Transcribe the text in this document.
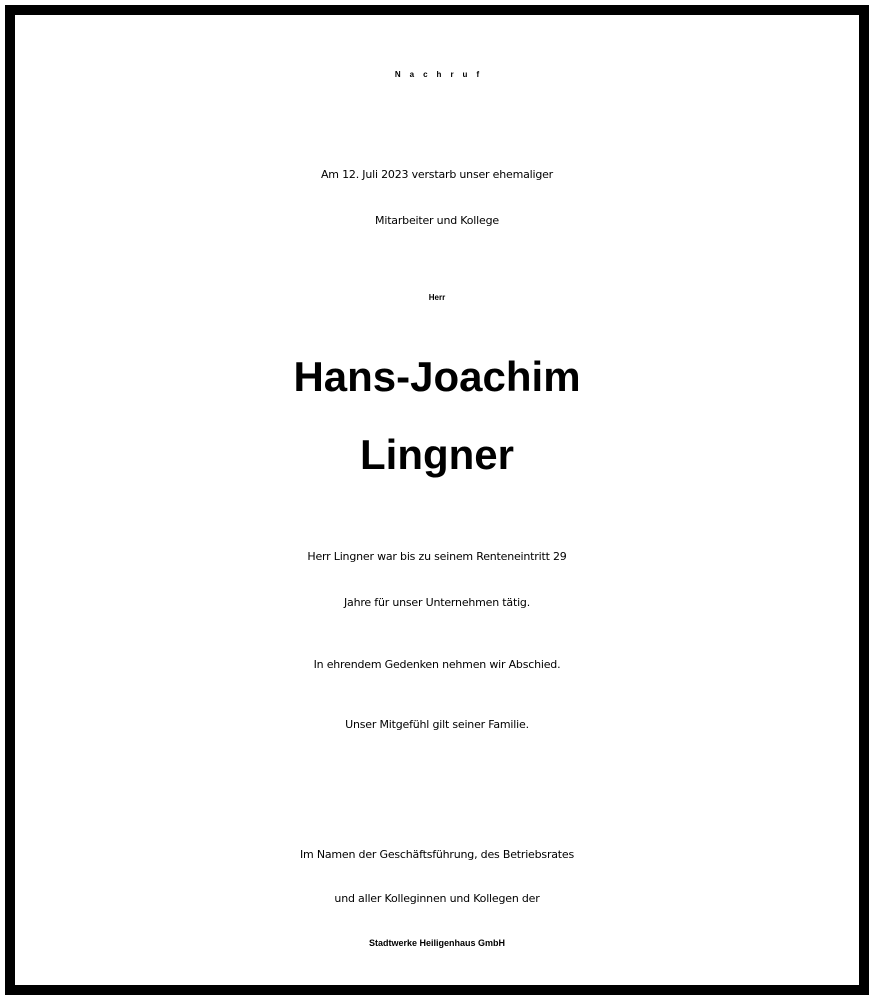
Nachruf
Am 12. Juli 2023 verstarb unser ehemaliger
Mitarbeiter und Kollege
Herr
Hans-Joachim
Lingner
Herr Lingner war bis zu seinem Renteneintritt 29
Jahre für unser Unternehmen tätig.
In ehrendem Gedenken nehmen wir Abschied.
Unser Mitgefühl gilt seiner Familie.
Im Namen der Geschäftsführung, des Betriebsrates
und aller Kolleginnen und Kollegen der
Stadtwerke Heiligenhaus GmbH
